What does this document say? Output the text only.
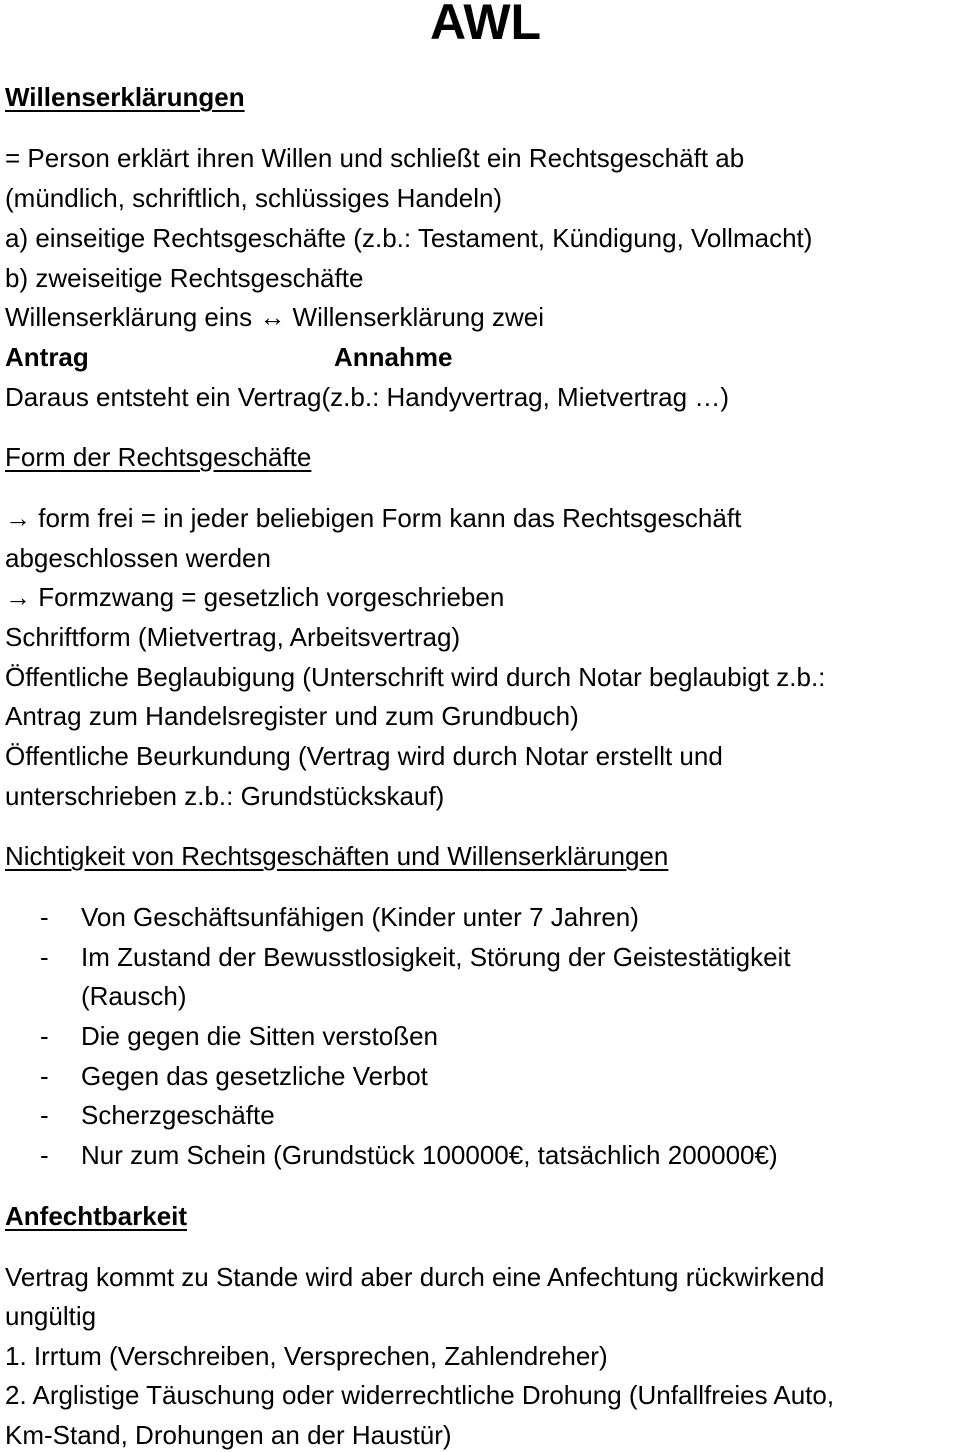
AWL
Willenserklärungen
= Person erklärt ihren Willen und schließt ein Rechtsgeschäft ab
(mündlich, schriftlich, schlüssiges Handeln)
a) einseitige Rechtsgeschäfte (z.b.: Testament, Kündigung, Vollmacht)
b) zweiseitige Rechtsgeschäfte
Willenserklärung eins ↔ Willenserklärung zwei
Antrag	Annahme
Daraus entsteht ein Vertrag(z.b.: Handyvertrag, Mietvertrag …)
Form der Rechtsgeschäfte
→ form frei = in jeder beliebigen Form kann das Rechtsgeschäft
abgeschlossen werden
→ Formzwang = gesetzlich vorgeschrieben
Schriftform (Mietvertrag, Arbeitsvertrag)
Öffentliche Beglaubigung (Unterschrift wird durch Notar beglaubigt z.b.:
Antrag zum Handelsregister und zum Grundbuch)
Öffentliche Beurkundung (Vertrag wird durch Notar erstellt und
unterschrieben z.b.: Grundstückskauf)
Nichtigkeit von Rechtsgeschäften und Willenserklärungen
- Von Geschäftsunfähigen (Kinder unter 7 Jahren)
- Im Zustand der Bewusstlosigkeit, Störung der Geistestätigkeit
(Rausch)
- Die gegen die Sitten verstoßen
- Gegen das gesetzliche Verbot
- Scherzgeschäfte
- Nur zum Schein (Grundstück 100000€, tatsächlich 200000€)
Anfechtbarkeit
Vertrag kommt zu Stande wird aber durch eine Anfechtung rückwirkend
ungültig
1. Irrtum (Verschreiben, Versprechen, Zahlendreher)
2. Arglistige Täuschung oder widerrechtliche Drohung (Unfallfreies Auto,
Km-Stand, Drohungen an der Haustür)
